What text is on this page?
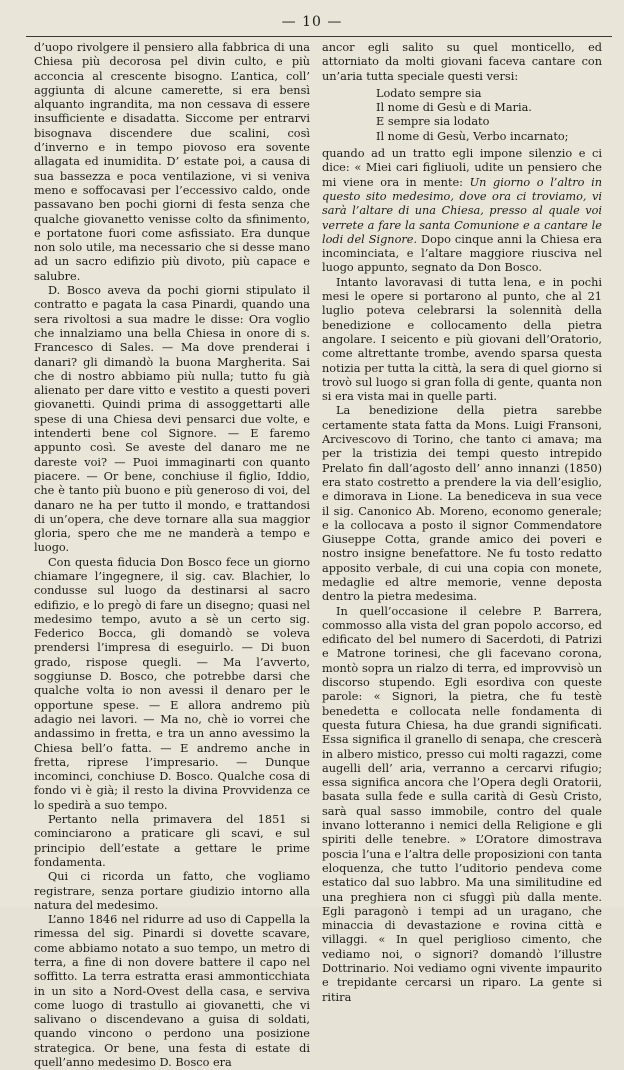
— 10 —

d’uopo rivolgere il pensiero alla fabbrica di una Chiesa più decorosa pel divin culto, e più acconcia al crescente bisogno. L’antica, coll’ aggiunta di alcune camerette, si era bensì alquanto ingrandita, ma non cessava di essere insufficiente e disadatta. Siccome per entrarvi bisognava discendere due scalini, così d’inverno e in tempo piovoso era sovente allagata ed inumidita. D’ estate poi, a causa di sua bassezza e poca ventilazione, vi si veniva meno e soffocavasi per l’eccessivo caldo, onde passavano ben pochi giorni di festa senza che qualche giovanetto venisse colto da sfinimento, e portatone fuori come asfissiato. Era dunque non solo utile, ma necessario che si desse mano ad un sacro edifizio più divoto, più capace e salubre.

D. Bosco aveva da pochi giorni stipulato il contratto e pagata la casa Pinardi, quando una sera rivoltosi a sua madre le disse: Ora voglio che innalziamo una bella Chiesa in onore di s. Francesco di Sales. — Ma dove prenderai i danari? gli dimandò la buona Margherita. Sai che di nostro abbiamo più nulla; tutto fu già alienato per dare vitto e vestito a questi poveri giovanetti. Quindi prima di assoggettarti alle spese di una Chiesa devi pensarci due volte, e intenderti bene col Signore. — E faremo appunto così. Se aveste del danaro me ne dareste voi? — Puoi immaginarti con quanto piacere. — Or bene, conchiuse il figlio, Iddio, che è tanto più buono e più generoso di voi, del danaro ne ha per tutto il mondo, e trattandosi di un’opera, che deve tornare alla sua maggior gloria, spero che me ne manderà a tempo e luogo.

Con questa fiducia Don Bosco fece un giorno chiamare l’ingegnere, il sig. cav. Blachier, lo condusse sul luogo da destinarsi al sacro edifizio, e lo pregò di fare un disegno; quasi nel medesimo tempo, avuto a sè un certo sig. Federico Bocca, gli domandò se voleva prendersi l’impresa di eseguirlo. — Di buon grado, rispose quegli. — Ma l’avverto, soggiunse D. Bosco, che potrebbe darsi che qualche volta io non avessi il denaro per le opportune spese. — E allora andremo più adagio nei lavori. — Ma no, chè io vorrei che andassimo in fretta, e tra un anno avessimo la Chiesa bell’o fatta. — E andremo anche in fretta, riprese l’impresario. — Dunque incominci, conchiuse D. Bosco. Qualche cosa di fondo vi è già; il resto la divina Provvidenza ce lo spedirà a suo tempo.

Pertanto nella primavera del 1851 si cominciarono a praticare gli scavi, e sul principio dell’estate a gettare le prime fondamenta.

Qui ci ricorda un fatto, che vogliamo registrare, senza portare giudizio intorno alla natura del medesimo.

L’anno 1846 nel ridurre ad uso di Cappella la rimessa del sig. Pinardi si dovette scavare, come abbiamo notato a suo tempo, un metro di terra, a fine di non dovere battere il capo nel soffitto. La terra estratta erasi ammonticchiata in un sito a Nord-Ovest della casa, e serviva come luogo di trastullo ai giovanetti, che vi salivano o discendevano a guisa di soldati, quando vincono o perdono una posizione strategica. Or bene, una festa di estate di quell’anno medesimo D. Bosco era

ancor egli salito su quel monticello, ed attorniato da molti giovani faceva cantare con un’aria tutta speciale questi versi:

Lodato sempre sia
Il nome di Gesù e di Maria.
E sempre sia lodato
Il nome di Gesù, Verbo incarnato;

quando ad un tratto egli impone silenzio e ci dice: « Miei cari figliuoli, udite un pensiero che mi viene ora in mente: Un giorno o l’altro in questo sito medesimo, dove ora ci troviamo, vi sarà l’altare di una Chiesa, presso al quale voi verrete a fare la santa Comunione e a cantare le lodi del Signore. Dopo cinque anni la Chiesa era incominciata, e l’altare maggiore riusciva nel luogo appunto, segnato da Don Bosco.

Intanto lavoravasi di tutta lena, e in pochi mesi le opere si portarono al punto, che al 21 luglio poteva celebrarsi la solennità della benedizione e collocamento della pietra angolare. I seicento e più giovani dell’Oratorio, come altrettante trombe, avendo sparsa questa notizia per tutta la città, la sera di quel giorno si trovò sul luogo si gran folla di gente, quanta non si era vista mai in quelle parti.

La benedizione della pietra sarebbe certamente stata fatta da Mons. Luigi Fransoni, Arcivescovo di Torino, che tanto ci amava; ma per la tristizia dei tempi questo intrepido Prelato fin dall’agosto dell’ anno innanzi (1850) era stato costretto a prendere la via dell’esiglio, e dimorava in Lione. La benediceva in sua vece il sig. Canonico Ab. Moreno, economo generale; e la collocava a posto il signor Commendatore Giuseppe Cotta, grande amico dei poveri e nostro insigne benefattore. Ne fu tosto redatto apposito verbale, di cui una copia con monete, medaglie ed altre memorie, venne deposta dentro la pietra medesima.

In quell’occasione il celebre P. Barrera, commosso alla vista del gran popolo accorso, ed edificato del bel numero di Sacerdoti, di Patrizi e Matrone torinesi, che gli facevano corona, montò sopra un rialzo di terra, ed improvvisò un discorso stupendo. Egli esordiva con queste parole: « Signori, la pietra, che fu testè benedetta e collocata nelle fondamenta di questa futura Chiesa, ha due grandi significati. Essa significa il granello di senapa, che crescerà in albero mistico, presso cui molti ragazzi, come augelli dell’ aria, verranno a cercarvi rifugio; essa significa ancora che l’Opera degli Oratorii, basata sulla fede e sulla carità di Gesù Cristo, sarà qual sasso immobile, contro del quale invano lotteranno i nemici della Religione e gli spiriti delle tenebre. » L’Oratore dimostrava poscia l’una e l’altra delle proposizioni con tanta eloquenza, che tutto l’uditorio pendeva come estatico dal suo labbro. Ma una similitudine ed una preghiera non ci sfuggì più dalla mente. Egli paragonò i tempi ad un uragano, che minaccia di devastazione e rovina città e villaggi. « In quel periglioso cimento, che vediamo noi, o signori? domandò l’illustre Dottrinario. Noi vediamo ogni vivente impaurito e trepidante cercarsi un riparo. La gente si ritira
